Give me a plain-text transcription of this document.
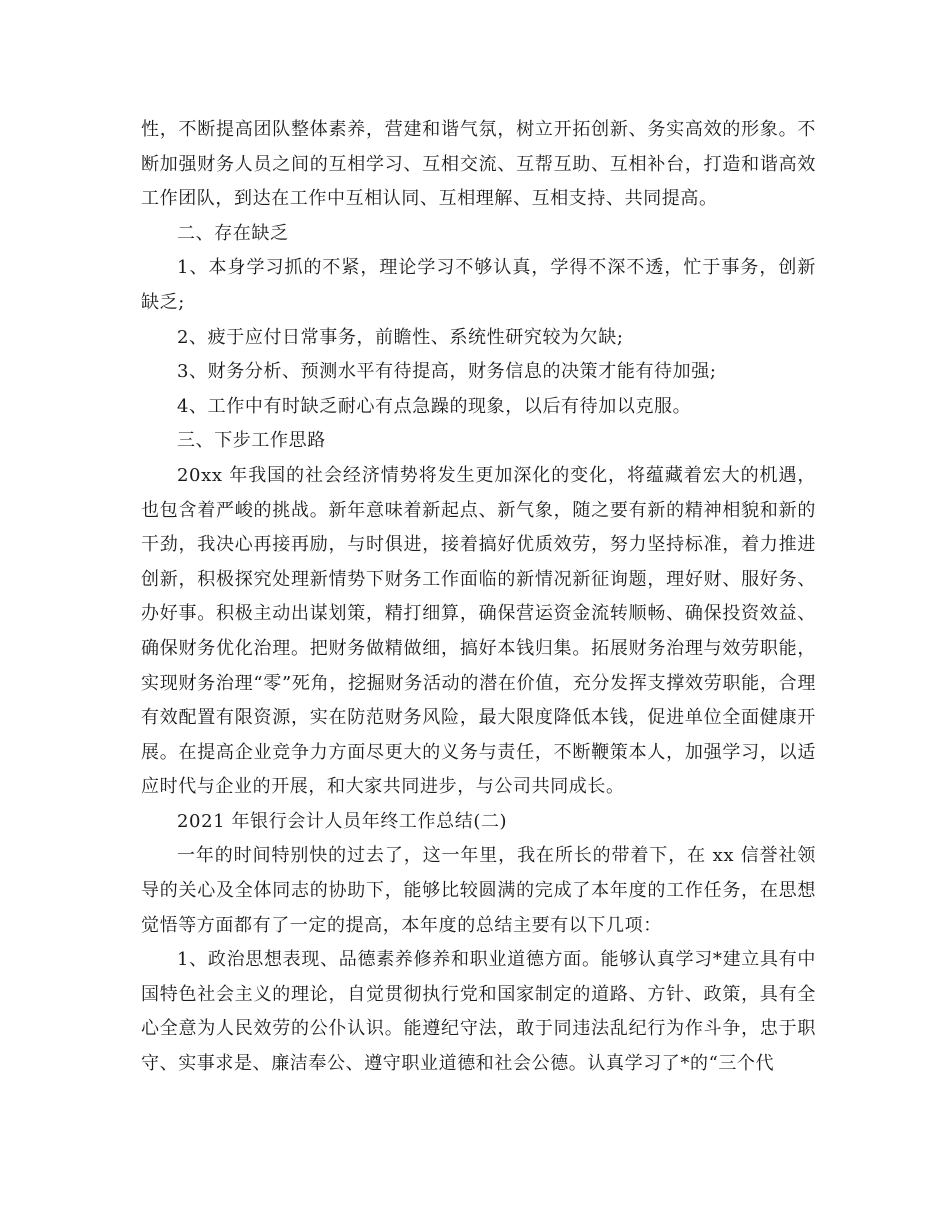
性，不断提高团队整体素养，营建和谐气氛，树立开拓创新、务实高效的形象。不断加强财务人员之间的互相学习、互相交流、互帮互助、互相补台，打造和谐高效工作团队，到达在工作中互相认同、互相理解、互相支持、共同提高。

二、存在缺乏

1、本身学习抓的不紧，理论学习不够认真，学得不深不透，忙于事务，创新缺乏;

2、疲于应付日常事务，前瞻性、系统性研究较为欠缺;

3、财务分析、预测水平有待提高，财务信息的决策才能有待加强;

4、工作中有时缺乏耐心有点急躁的现象，以后有待加以克服。

三、下步工作思路

20xx 年我国的社会经济情势将发生更加深化的变化，将蕴藏着宏大的机遇，也包含着严峻的挑战。新年意味着新起点、新气象，随之要有新的精神相貌和新的干劲，我决心再接再励，与时俱进，接着搞好优质效劳，努力坚持标准，着力推进创新，积极探究处理新情势下财务工作面临的新情况新征询题，理好财、服好务、办好事。积极主动出谋划策，精打细算，确保营运资金流转顺畅、确保投资效益、确保财务优化治理。把财务做精做细，搞好本钱归集。拓展财务治理与效劳职能，实现财务治理“零”死角，挖掘财务活动的潜在价值，充分发挥支撑效劳职能，合理有效配置有限资源，实在防范财务风险，最大限度降低本钱，促进单位全面健康开展。在提高企业竞争力方面尽更大的义务与责任，不断鞭策本人，加强学习，以适应时代与企业的开展，和大家共同进步，与公司共同成长。

2021 年银行会计人员年终工作总结(二)

一年的时间特别快的过去了，这一年里，我在所长的带着下，在 xx 信誉社领导的关心及全体同志的协助下，能够比较圆满的完成了本年度的工作任务，在思想觉悟等方面都有了一定的提高，本年度的总结主要有以下几项：

1、政治思想表现、品德素养修养和职业道德方面。能够认真学习*建立具有中国特色社会主义的理论，自觉贯彻执行党和国家制定的道路、方针、政策，具有全心全意为人民效劳的公仆认识。能遵纪守法，敢于同违法乱纪行为作斗争，忠于职守、实事求是、廉洁奉公、遵守职业道德和社会公德。认真学习了*的“三个代
